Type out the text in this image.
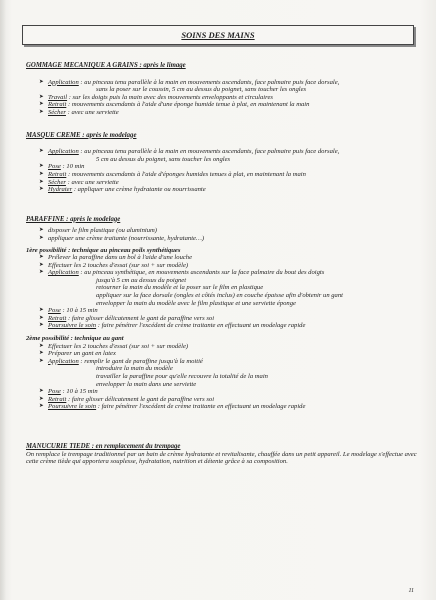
SOINS DES MAINS
GOMMAGE MECANIQUE A GRAINS : après le limage
➤ Application : au pinceau tenu parallèle à la main en mouvements ascendants, face palmaire puis face dorsale,
sans la poser sur le coussin, 5 cm au dessus du poignet, sans toucher les ongles
➤ Travail : sur les doigts puis la main avec des mouvements enveloppants et circulaires
➤ Retrait : mouvements ascendants à l'aide d'une éponge humide tenue à plat, en maintenant la main
➤ Sécher : avec une serviette
MASQUE CREME : après le modelage
➤ Application : au pinceau tenu parallèle à la main en mouvements ascendants, face palmaire puis face dorsale,
5 cm au dessus du poignet, sans toucher les ongles
➤ Pose : 10 min
➤ Retrait : mouvements ascendants à l'aide d'éponges humides tenues à plat, en maintenant la main
➤ Sécher : avec une serviette
➤ Hydrater : appliquer une crème hydratante ou nourrissante
PARAFFINE : après le modelage
➤ disposer le film plastique (ou aluminium)
➤ appliquer une crème traitante (nourrissante, hydratante…)
1ère possibilité : technique au pinceau poils synthétiques
➤ Prélever la paraffine dans un bol à l'aide d'une louche
➤ Effectuer les 2 touches d'essai (sur soi + sur modèle)
➤ Application : au pinceau synthétique, en mouvements ascendants sur la face palmaire du bout des doigts
jusqu'à 5 cm au dessus du poignet
retourner la main du modèle et la poser sur le film en plastique
appliquer sur la face dorsale (ongles et côtés inclus) en couche épaisse afin d'obtenir un gant
envelopper la main du modèle avec le film plastique et une serviette éponge
➤ Pose : 10 à 15 min
➤ Retrait : faire glisser délicatement le gant de paraffine vers soi
➤ Poursuivre le soin : faire pénétrer l'excédent de crème traitante en effectuant un modelage rapide
2ème possibilité : technique au gant
➤ Effectuer les 2 touches d'essai (sur soi + sur modèle)
➤ Préparer un gant en latex
➤ Application : remplir le gant de paraffine jusqu'à la moitié
introduire la main du modèle
travailler la paraffine pour qu'elle recouvre la totalité de la main
envelopper la main dans une serviette
➤ Pose : 10 à 15 min
➤ Retrait : faire glisser délicatement le gant de paraffine vers soi
➤ Poursuivre le soin : faire pénétrer l'excédent de crème traitante en effectuant un modelage rapide
MANUCURIE TIEDE : en remplacement du trempage
On remplace le trempage traditionnel par un bain de crème hydratante et revitalisante, chauffée dans un petit appareil. Le modelage s'effectue avec cette crème tiède qui apportera souplesse, hydratation, nutrition et détente grâce à sa composition.
11
